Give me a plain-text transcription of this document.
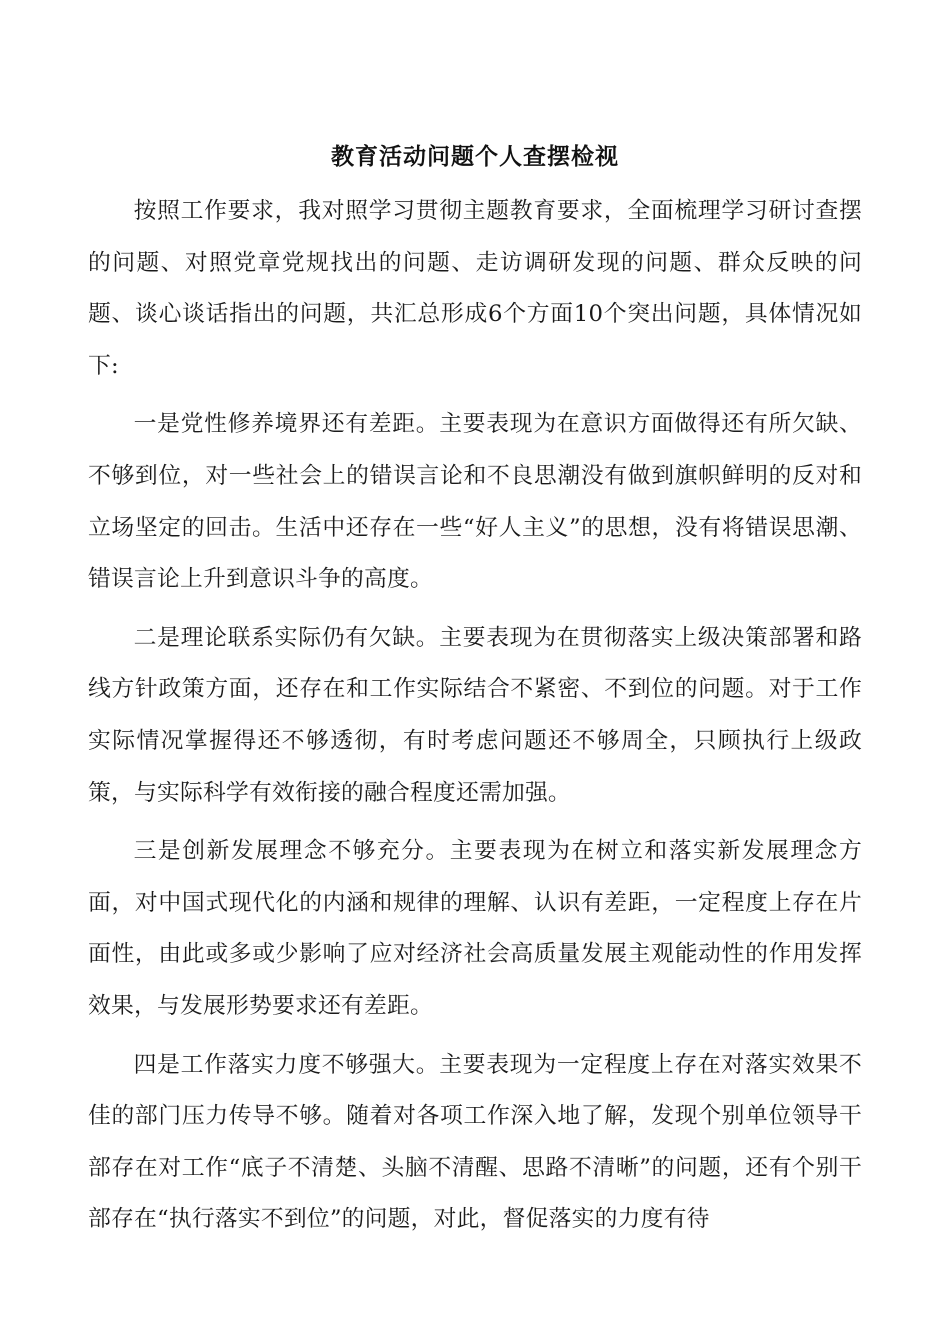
教育活动问题个人查摆检视

按照工作要求，我对照学习贯彻主题教育要求，全面梳理学习研讨查摆的问题、对照党章党规找出的问题、走访调研发现的问题、群众反映的问题、谈心谈话指出的问题，共汇总形成6个方面10个突出问题，具体情况如下:

一是党性修养境界还有差距。主要表现为在意识方面做得还有所欠缺、不够到位，对一些社会上的错误言论和不良思潮没有做到旗帜鲜明的反对和立场坚定的回击。生活中还存在一些“好人主义”的思想，没有将错误思潮、错误言论上升到意识斗争的高度。

二是理论联系实际仍有欠缺。主要表现为在贯彻落实上级决策部署和路线方针政策方面，还存在和工作实际结合不紧密、不到位的问题。对于工作实际情况掌握得还不够透彻，有时考虑问题还不够周全，只顾执行上级政策，与实际科学有效衔接的融合程度还需加强。

三是创新发展理念不够充分。主要表现为在树立和落实新发展理念方面，对中国式现代化的内涵和规律的理解、认识有差距，一定程度上存在片面性，由此或多或少影响了应对经济社会高质量发展主观能动性的作用发挥效果，与发展形势要求还有差距。

四是工作落实力度不够强大。主要表现为一定程度上存在对落实效果不佳的部门压力传导不够。随着对各项工作深入地了解，发现个别单位领导干部存在对工作“底子不清楚、头脑不清醒、思路不清晰”的问题，还有个别干部存在“执行落实不到位”的问题，对此，督促落实的力度有待
